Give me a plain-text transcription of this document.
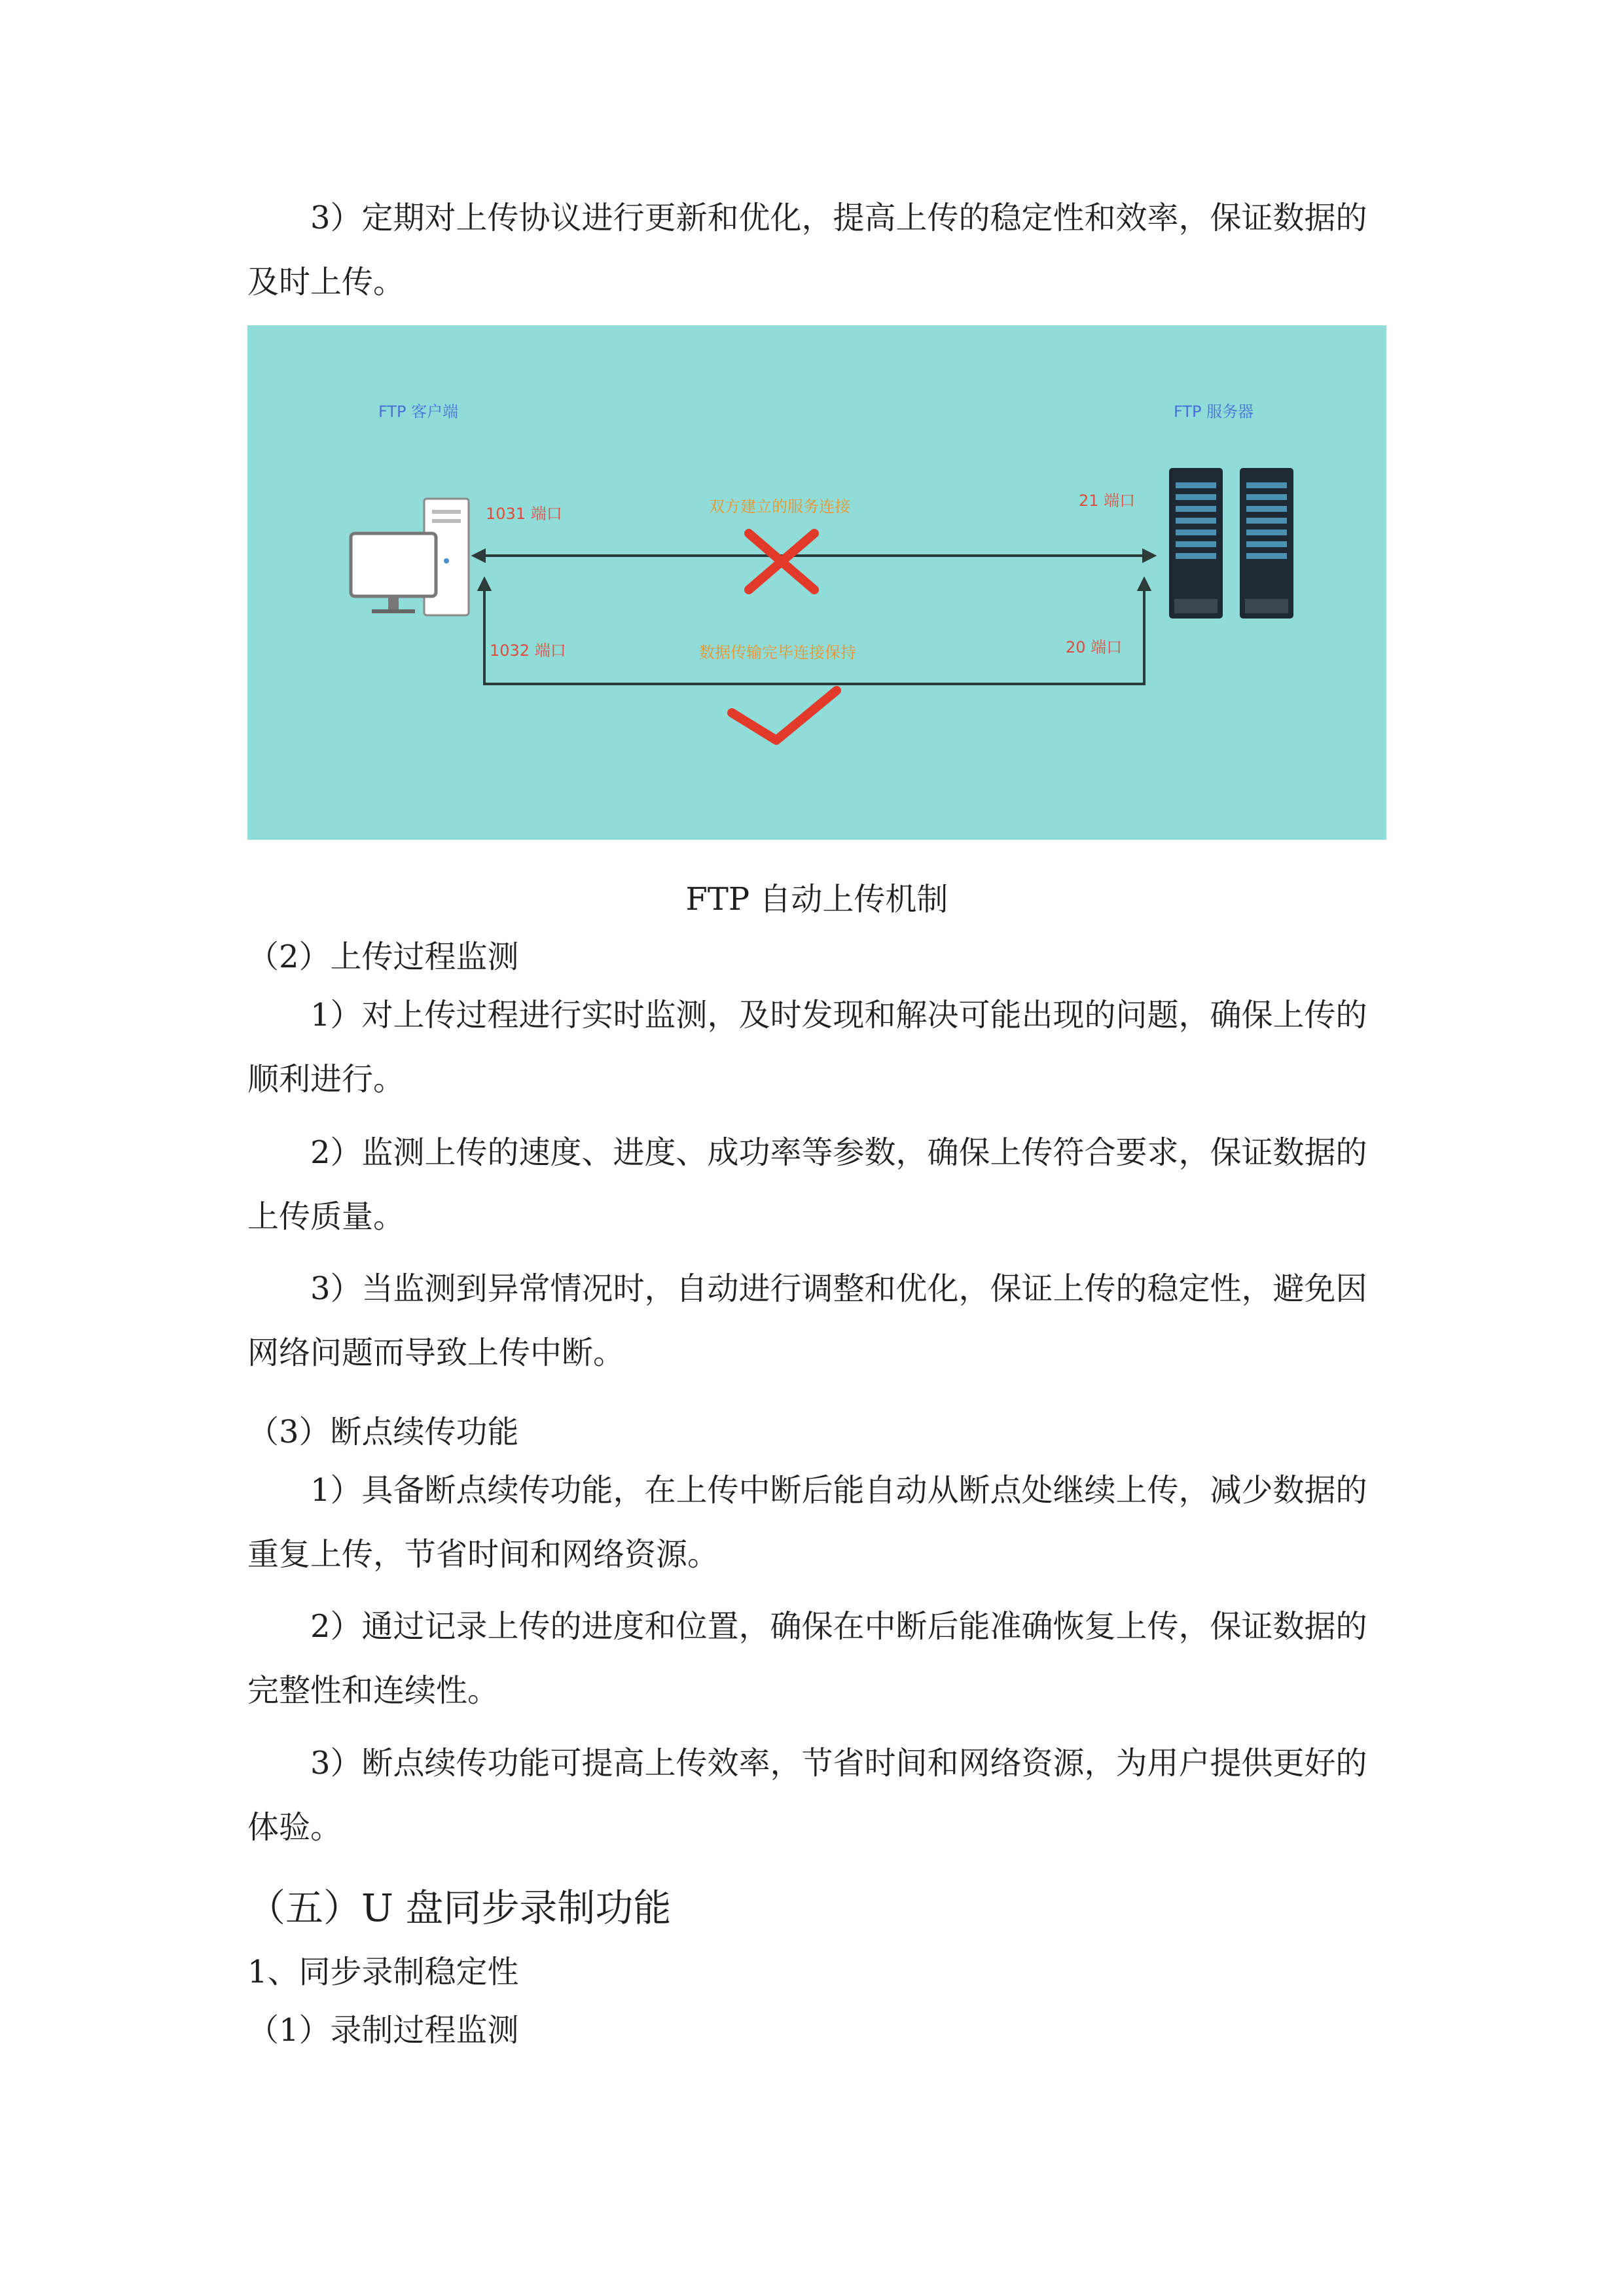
3）定期对上传协议进行更新和优化，提高上传的稳定性和效率，保证数据的及时上传。

FTP 客户端	FTP 服务器
1031 端口
21 端口
1032 端口	20 端口
双方建立的服务连接
数据传输完毕连接保持

FTP 自动上传机制

（2）上传过程监测

1）对上传过程进行实时监测，及时发现和解决可能出现的问题，确保上传的顺利进行。

2）监测上传的速度、进度、成功率等参数，确保上传符合要求，保证数据的上传质量。

3）当监测到异常情况时，自动进行调整和优化，保证上传的稳定性，避免因网络问题而导致上传中断。

（3）断点续传功能

1）具备断点续传功能，在上传中断后能自动从断点处继续上传，减少数据的重复上传，节省时间和网络资源。

2）通过记录上传的进度和位置，确保在中断后能准确恢复上传，保证数据的完整性和连续性。

3）断点续传功能可提高上传效率，节省时间和网络资源，为用户提供更好的体验。

（五）U 盘同步录制功能

1、同步录制稳定性

（1）录制过程监测
